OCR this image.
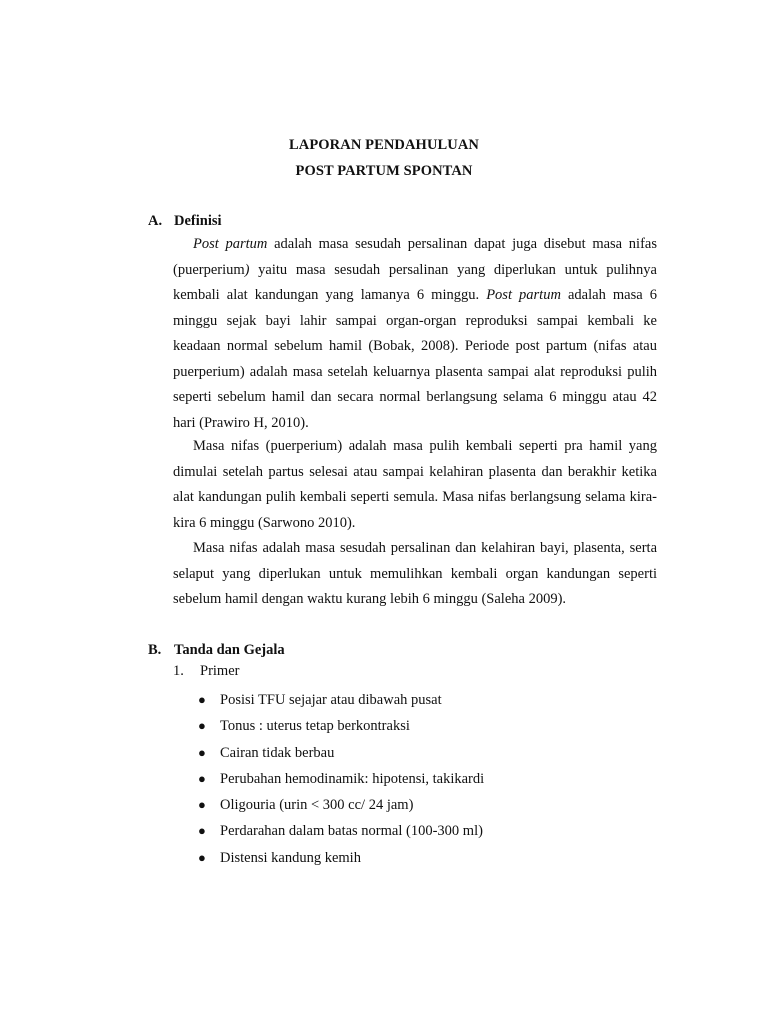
LAPORAN PENDAHULUAN
POST PARTUM SPONTAN
A. Definisi

Post partum adalah masa sesudah persalinan dapat juga disebut masa nifas (puerperium) yaitu masa sesudah persalinan yang diperlukan untuk pulihnya kembali alat kandungan yang lamanya 6 minggu. Post partum adalah masa 6 minggu sejak bayi lahir sampai organ-organ reproduksi sampai kembali ke keadaan normal sebelum hamil (Bobak, 2008). Periode post partum (nifas atau puerperium) adalah masa setelah keluarnya plasenta sampai alat reproduksi pulih seperti sebelum hamil dan secara normal berlangsung selama 6 minggu atau 42 hari (Prawiro H, 2010).

Masa nifas (puerperium) adalah masa pulih kembali seperti pra hamil yang dimulai setelah partus selesai atau sampai kelahiran plasenta dan berakhir ketika alat kandungan pulih kembali seperti semula. Masa nifas berlangsung selama kira-kira 6 minggu (Sarwono 2010).

Masa nifas adalah masa sesudah persalinan dan kelahiran bayi, plasenta, serta selaput yang diperlukan untuk memulihkan kembali organ kandungan seperti sebelum hamil dengan waktu kurang lebih 6 minggu (Saleha 2009).

B. Tanda dan Gejala
1. Primer
● Posisi TFU sejajar atau dibawah pusat
● Tonus : uterus tetap berkontraksi
● Cairan tidak berbau
● Perubahan hemodinamik: hipotensi, takikardi
● Oligouria (urin < 300 cc/ 24 jam)
● Perdarahan dalam batas normal (100-300 ml)
● Distensi kandung kemih
